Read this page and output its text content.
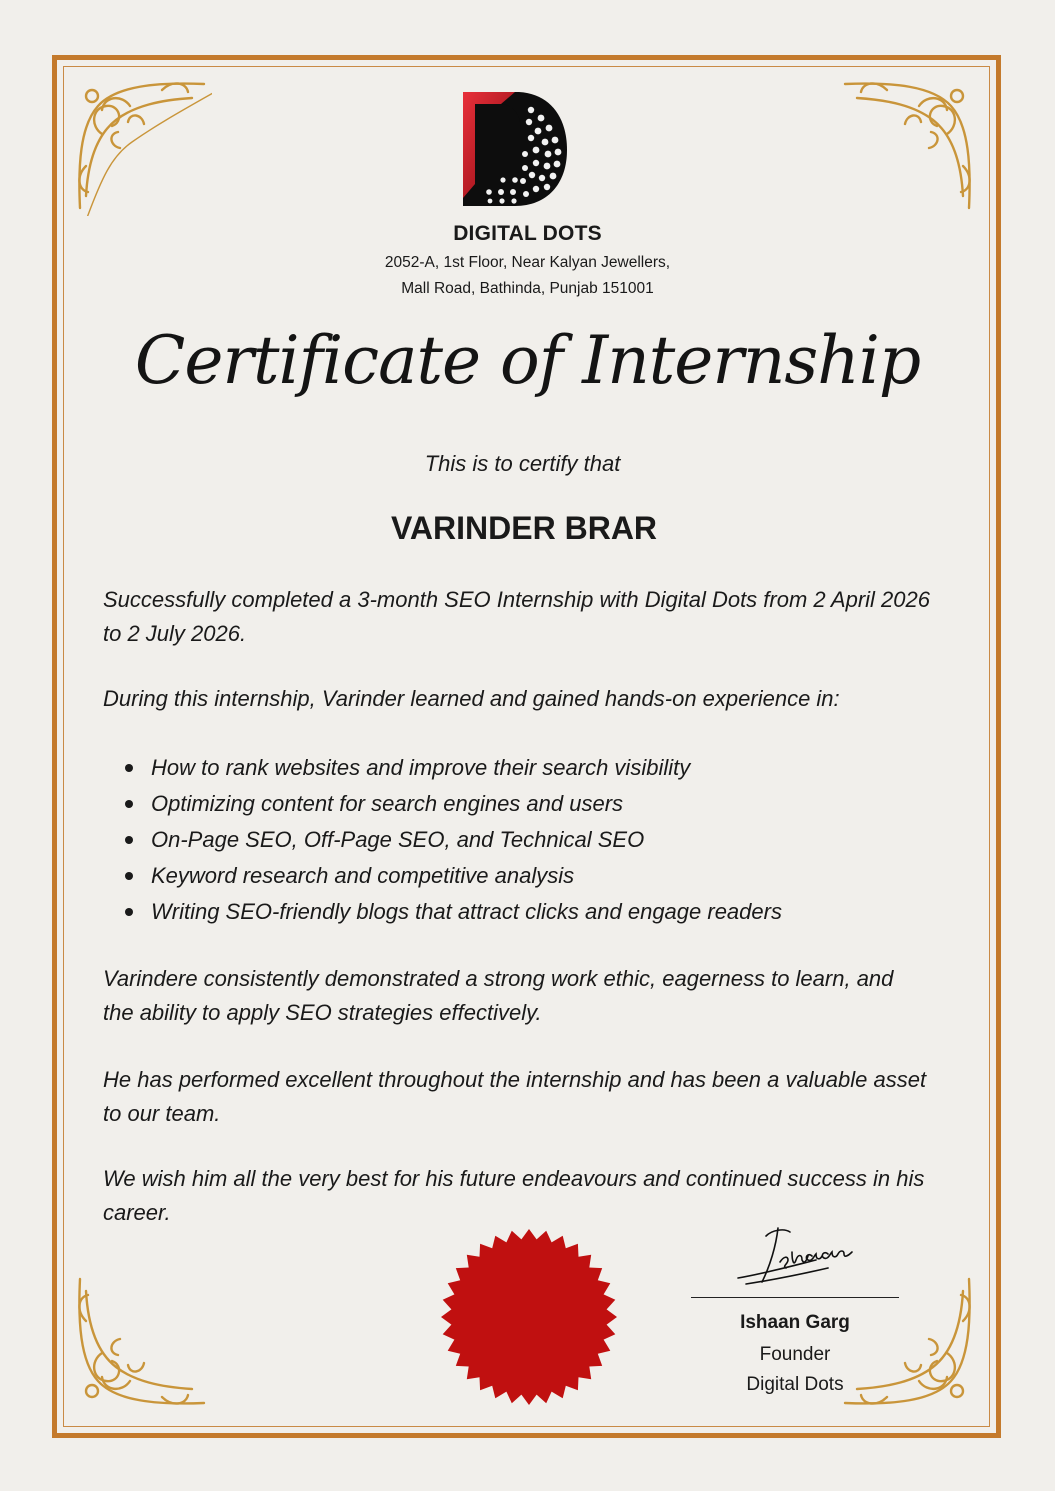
DIGITAL DOTS
2052-A, 1st Floor, Near Kalyan Jewellers,
Mall Road, Bathinda, Punjab 151001
Certificate of Internship
This is to certify that
VARINDER BRAR
Successfully completed a 3-month SEO Internship with Digital Dots from 2 April 2026 to 2 July 2026.
During this internship, Varinder learned and gained hands-on experience in:
How to rank websites and improve their search visibility
Optimizing content for search engines and users
On-Page SEO, Off-Page SEO, and Technical SEO
Keyword research and competitive analysis
Writing SEO-friendly blogs that attract clicks and engage readers
Varindere consistently demonstrated a strong work ethic, eagerness to learn, and the ability to apply SEO strategies effectively.
He has performed excellent throughout the internship and has been a valuable asset to our team.
We wish him all the very best for his future endeavours and continued success in his career.
Ishaan Garg
Founder
Digital Dots
